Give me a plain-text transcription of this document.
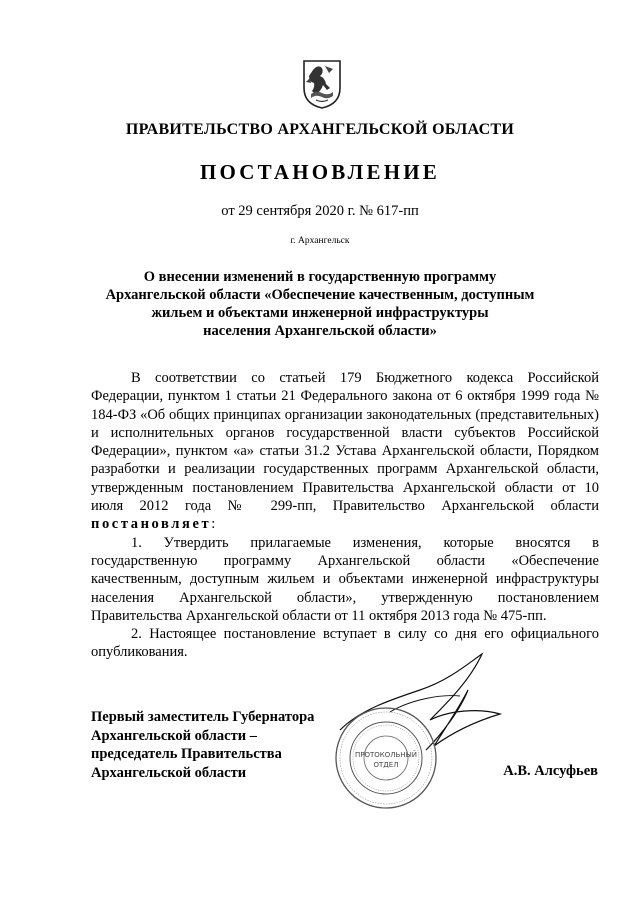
ПРАВИТЕЛЬСТВО АРХАНГЕЛЬСКОЙ ОБЛАСТИ
ПОСТАНОВЛЕНИЕ
от 29 сентября 2020 г. № 617-пп
г. Архангельск
О внесении изменений в государственную программу
Архангельской области «Обеспечение качественным, доступным
жильем и объектами инженерной инфраструктуры
населения Архангельской области»

В соответствии со статьей 179 Бюджетного кодекса Российской Федерации, пунктом 1 статьи 21 Федерального закона от 6 октября 1999 года № 184-ФЗ «Об общих принципах организации законодательных (представительных) и исполнительных органов государственной власти субъектов Российской Федерации», пунктом «а» статьи 31.2 Устава Архангельской области, Порядком разработки и реализации государственных программ Архангельской области, утвержденным постановлением Правительства Архангельской области от 10 июля 2012 года № 299-пп, Правительство Архангельской области постановляет:

1. Утвердить прилагаемые изменения, которые вносятся в государственную программу Архангельской области «Обеспечение качественным, доступным жильем и объектами инженерной инфраструктуры населения Архангельской области», утвержденную постановлением Правительства Архангельской области от 11 октября 2013 года № 475-пп.

2. Настоящее постановление вступает в силу со дня его официального опубликования.

Первый заместитель Губернатора
Архангельской области –
председатель Правительства
Архангельской области
ПРОТОКОЛЬНЫЙ
ОТДЕЛ	А.В. Алсуфьев
